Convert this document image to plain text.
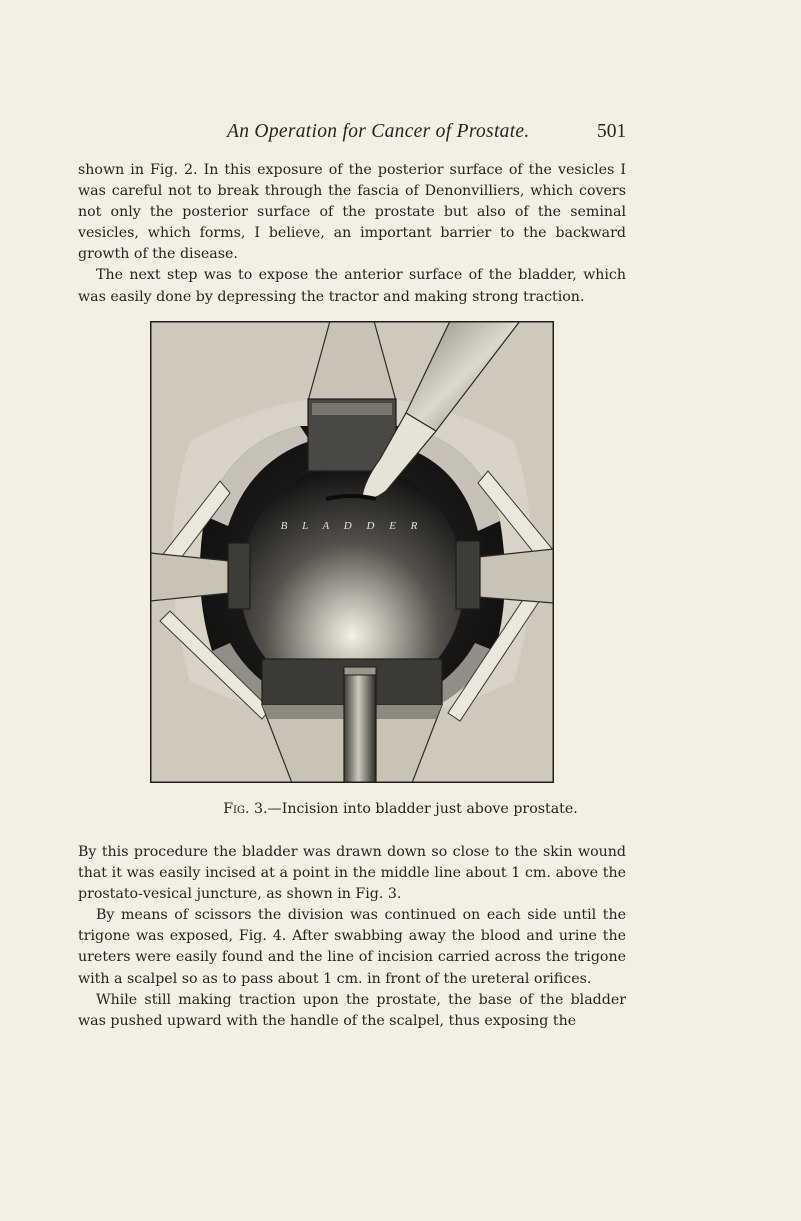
An Operation for Cancer of Prostate.	501

shown in Fig. 2. In this exposure of the posterior surface of the vesicles I was careful not to break through the fascia of Denonvilliers, which covers not only the posterior surface of the prostate but also of the seminal vesicles, which forms, I believe, an important barrier to the backward growth of the disease.

The next step was to expose the anterior surface of the bladder, which was easily done by depressing the tractor and making strong traction.

B L A D D E R
Fig. 3.—Incision into bladder just above prostate.

By this procedure the bladder was drawn down so close to the skin wound that it was easily incised at a point in the middle line about 1 cm. above the prostato-vesical juncture, as shown in Fig. 3.

By means of scissors the division was continued on each side until the trigone was exposed, Fig. 4. After swabbing away the blood and urine the ureters were easily found and the line of incision carried across the trigone with a scalpel so as to pass about 1 cm. in front of the ureteral orifices.

While still making traction upon the prostate, the base of the bladder was pushed upward with the handle of the scalpel, thus exposing the
